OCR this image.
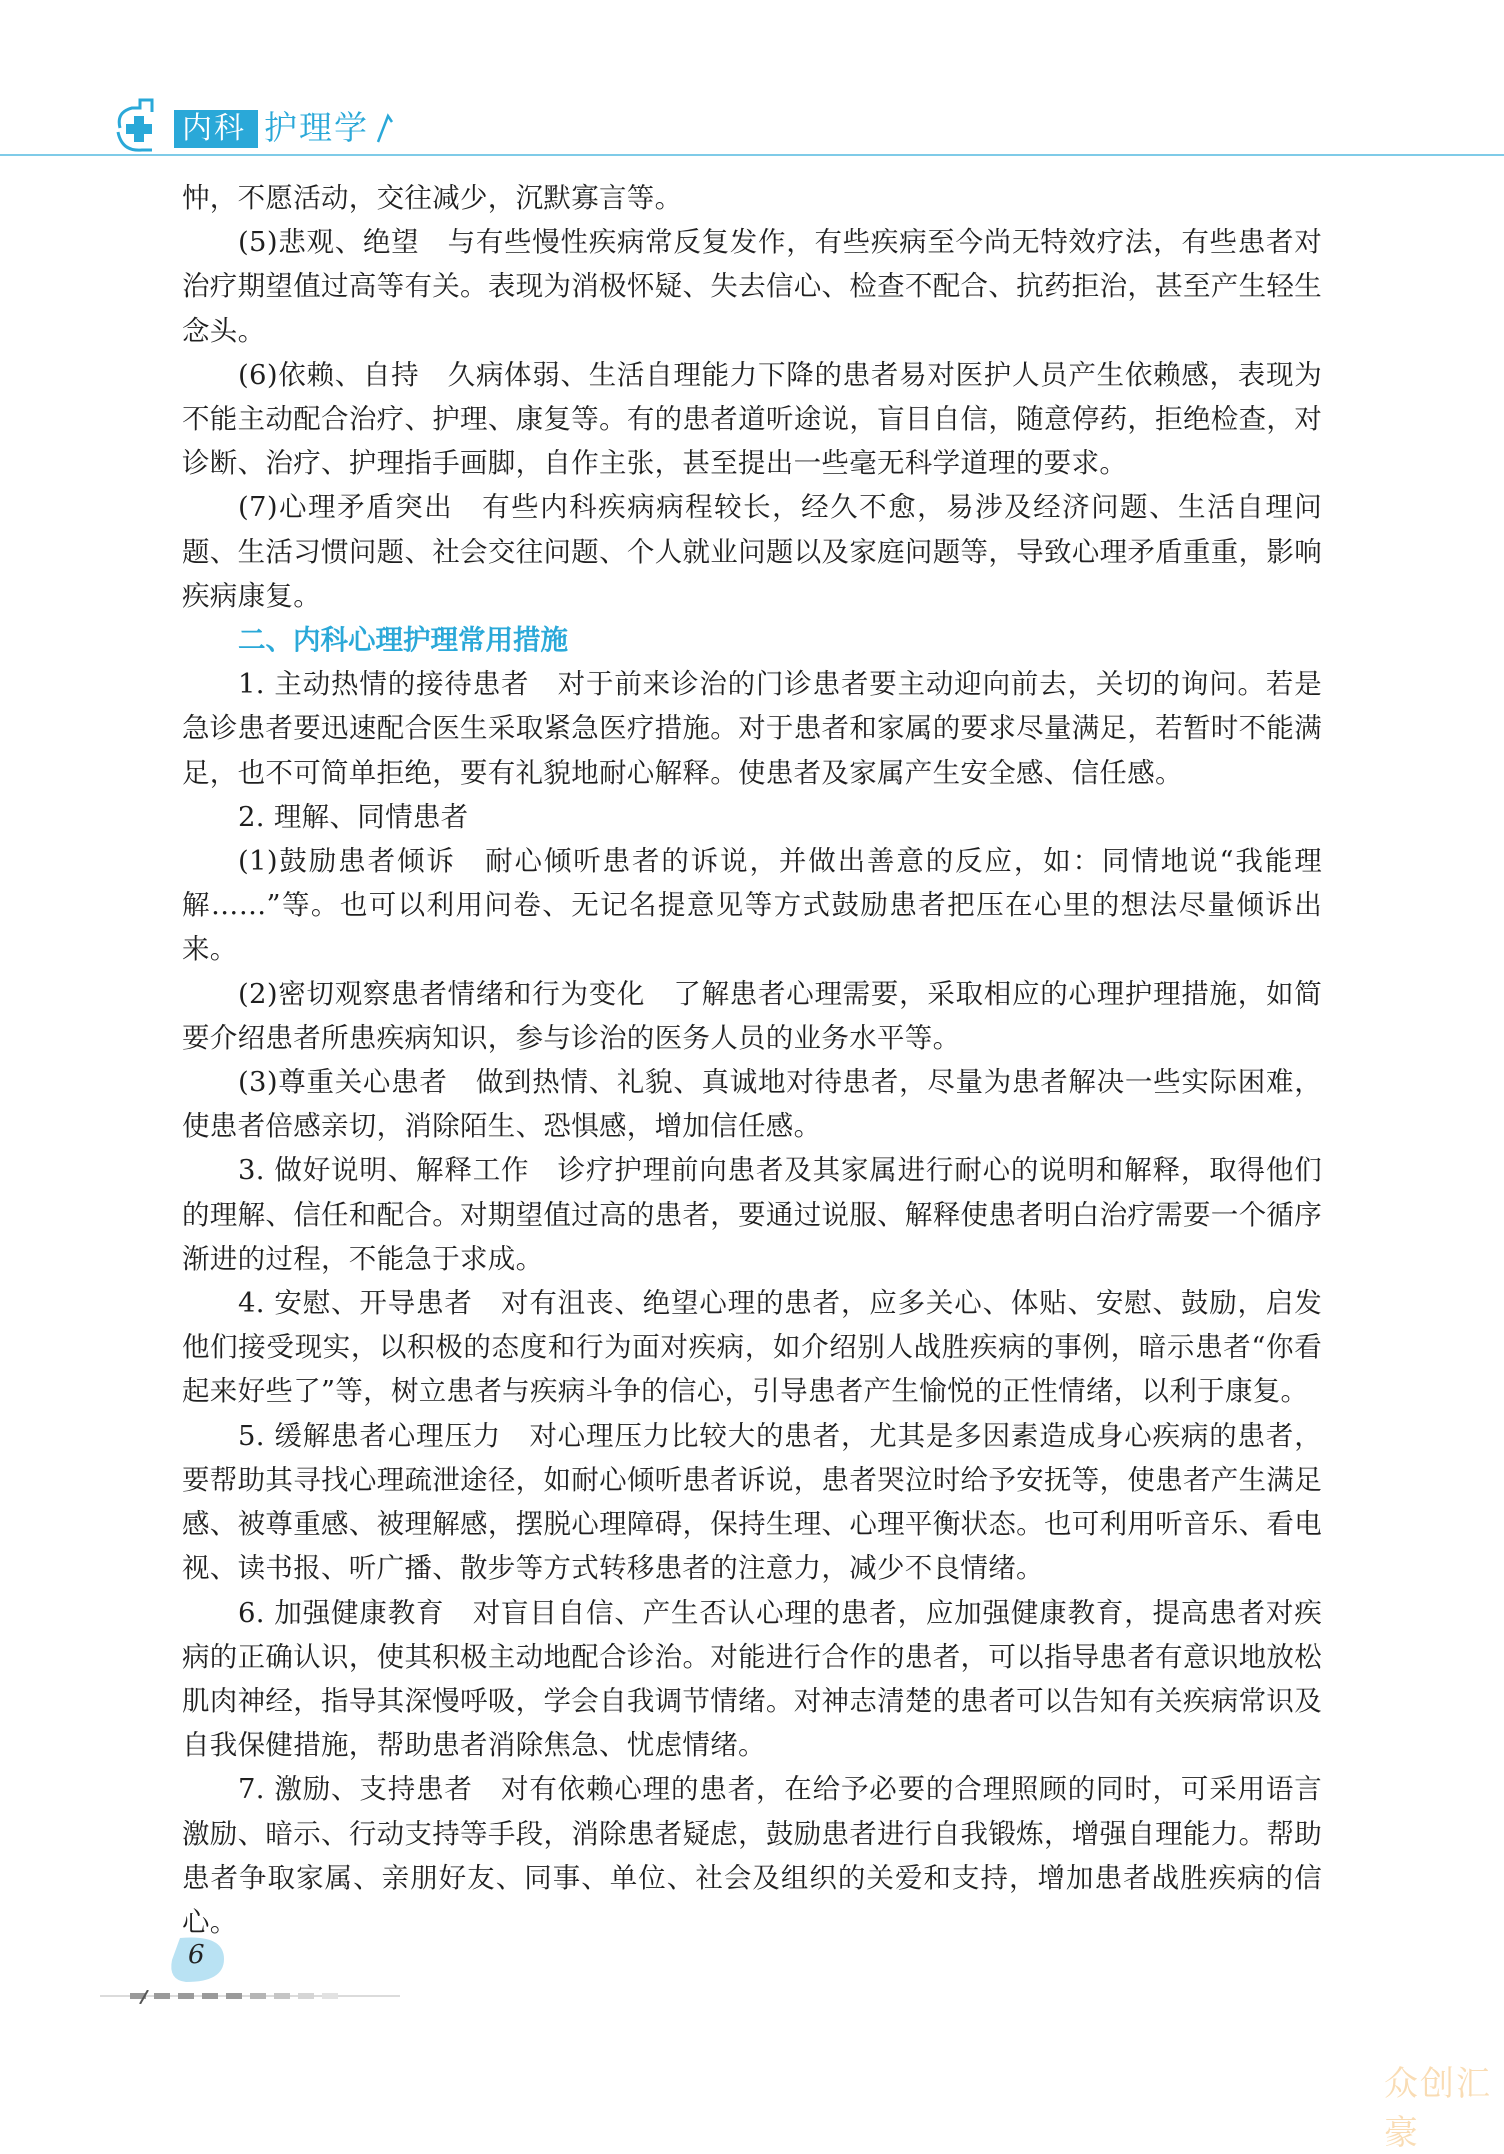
内科 护理学

忡，不愿活动，交往减少，沉默寡言等。

(5)悲观、绝望　与有些慢性疾病常反复发作，有些疾病至今尚无特效疗法，有些患者对治疗期望值过高等有关。表现为消极怀疑、失去信心、检查不配合、抗药拒治，甚至产生轻生念头。

(6)依赖、自持　久病体弱、生活自理能力下降的患者易对医护人员产生依赖感，表现为不能主动配合治疗、护理、康复等。有的患者道听途说，盲目自信，随意停药，拒绝检查，对诊断、治疗、护理指手画脚，自作主张，甚至提出一些毫无科学道理的要求。

(7)心理矛盾突出　有些内科疾病病程较长，经久不愈，易涉及经济问题、生活自理问题、生活习惯问题、社会交往问题、个人就业问题以及家庭问题等，导致心理矛盾重重，影响疾病康复。

二、内科心理护理常用措施

1. 主动热情的接待患者　对于前来诊治的门诊患者要主动迎向前去，关切的询问。若是急诊患者要迅速配合医生采取紧急医疗措施。对于患者和家属的要求尽量满足，若暂时不能满足，也不可简单拒绝，要有礼貌地耐心解释。使患者及家属产生安全感、信任感。

2. 理解、同情患者

(1)鼓励患者倾诉　耐心倾听患者的诉说，并做出善意的反应，如：同情地说“我能理解……”等。也可以利用问卷、无记名提意见等方式鼓励患者把压在心里的想法尽量倾诉出来。

(2)密切观察患者情绪和行为变化　了解患者心理需要，采取相应的心理护理措施，如简要介绍患者所患疾病知识，参与诊治的医务人员的业务水平等。

(3)尊重关心患者　做到热情、礼貌、真诚地对待患者，尽量为患者解决一些实际困难，使患者倍感亲切，消除陌生、恐惧感，增加信任感。

3. 做好说明、解释工作　诊疗护理前向患者及其家属进行耐心的说明和解释，取得他们的理解、信任和配合。对期望值过高的患者，要通过说服、解释使患者明白治疗需要一个循序渐进的过程，不能急于求成。

4. 安慰、开导患者　对有沮丧、绝望心理的患者，应多关心、体贴、安慰、鼓励，启发他们接受现实，以积极的态度和行为面对疾病，如介绍别人战胜疾病的事例，暗示患者“你看起来好些了”等，树立患者与疾病斗争的信心，引导患者产生愉悦的正性情绪，以利于康复。

5. 缓解患者心理压力　对心理压力比较大的患者，尤其是多因素造成身心疾病的患者，要帮助其寻找心理疏泄途径，如耐心倾听患者诉说，患者哭泣时给予安抚等，使患者产生满足感、被尊重感、被理解感，摆脱心理障碍，保持生理、心理平衡状态。也可利用听音乐、看电视、读书报、听广播、散步等方式转移患者的注意力，减少不良情绪。

6. 加强健康教育　对盲目自信、产生否认心理的患者，应加强健康教育，提高患者对疾病的正确认识，使其积极主动地配合诊治。对能进行合作的患者，可以指导患者有意识地放松肌肉神经，指导其深慢呼吸，学会自我调节情绪。对神志清楚的患者可以告知有关疾病常识及自我保健措施，帮助患者消除焦急、忧虑情绪。

7. 激励、支持患者　对有依赖心理的患者，在给予必要的合理照顾的同时，可采用语言激励、暗示、行动支持等手段，消除患者疑虑，鼓励患者进行自我锻炼，增强自理能力。帮助患者争取家属、亲朋好友、同事、单位、社会及组织的关爱和支持，增加患者战胜疾病的信心。

6
众创汇豪
